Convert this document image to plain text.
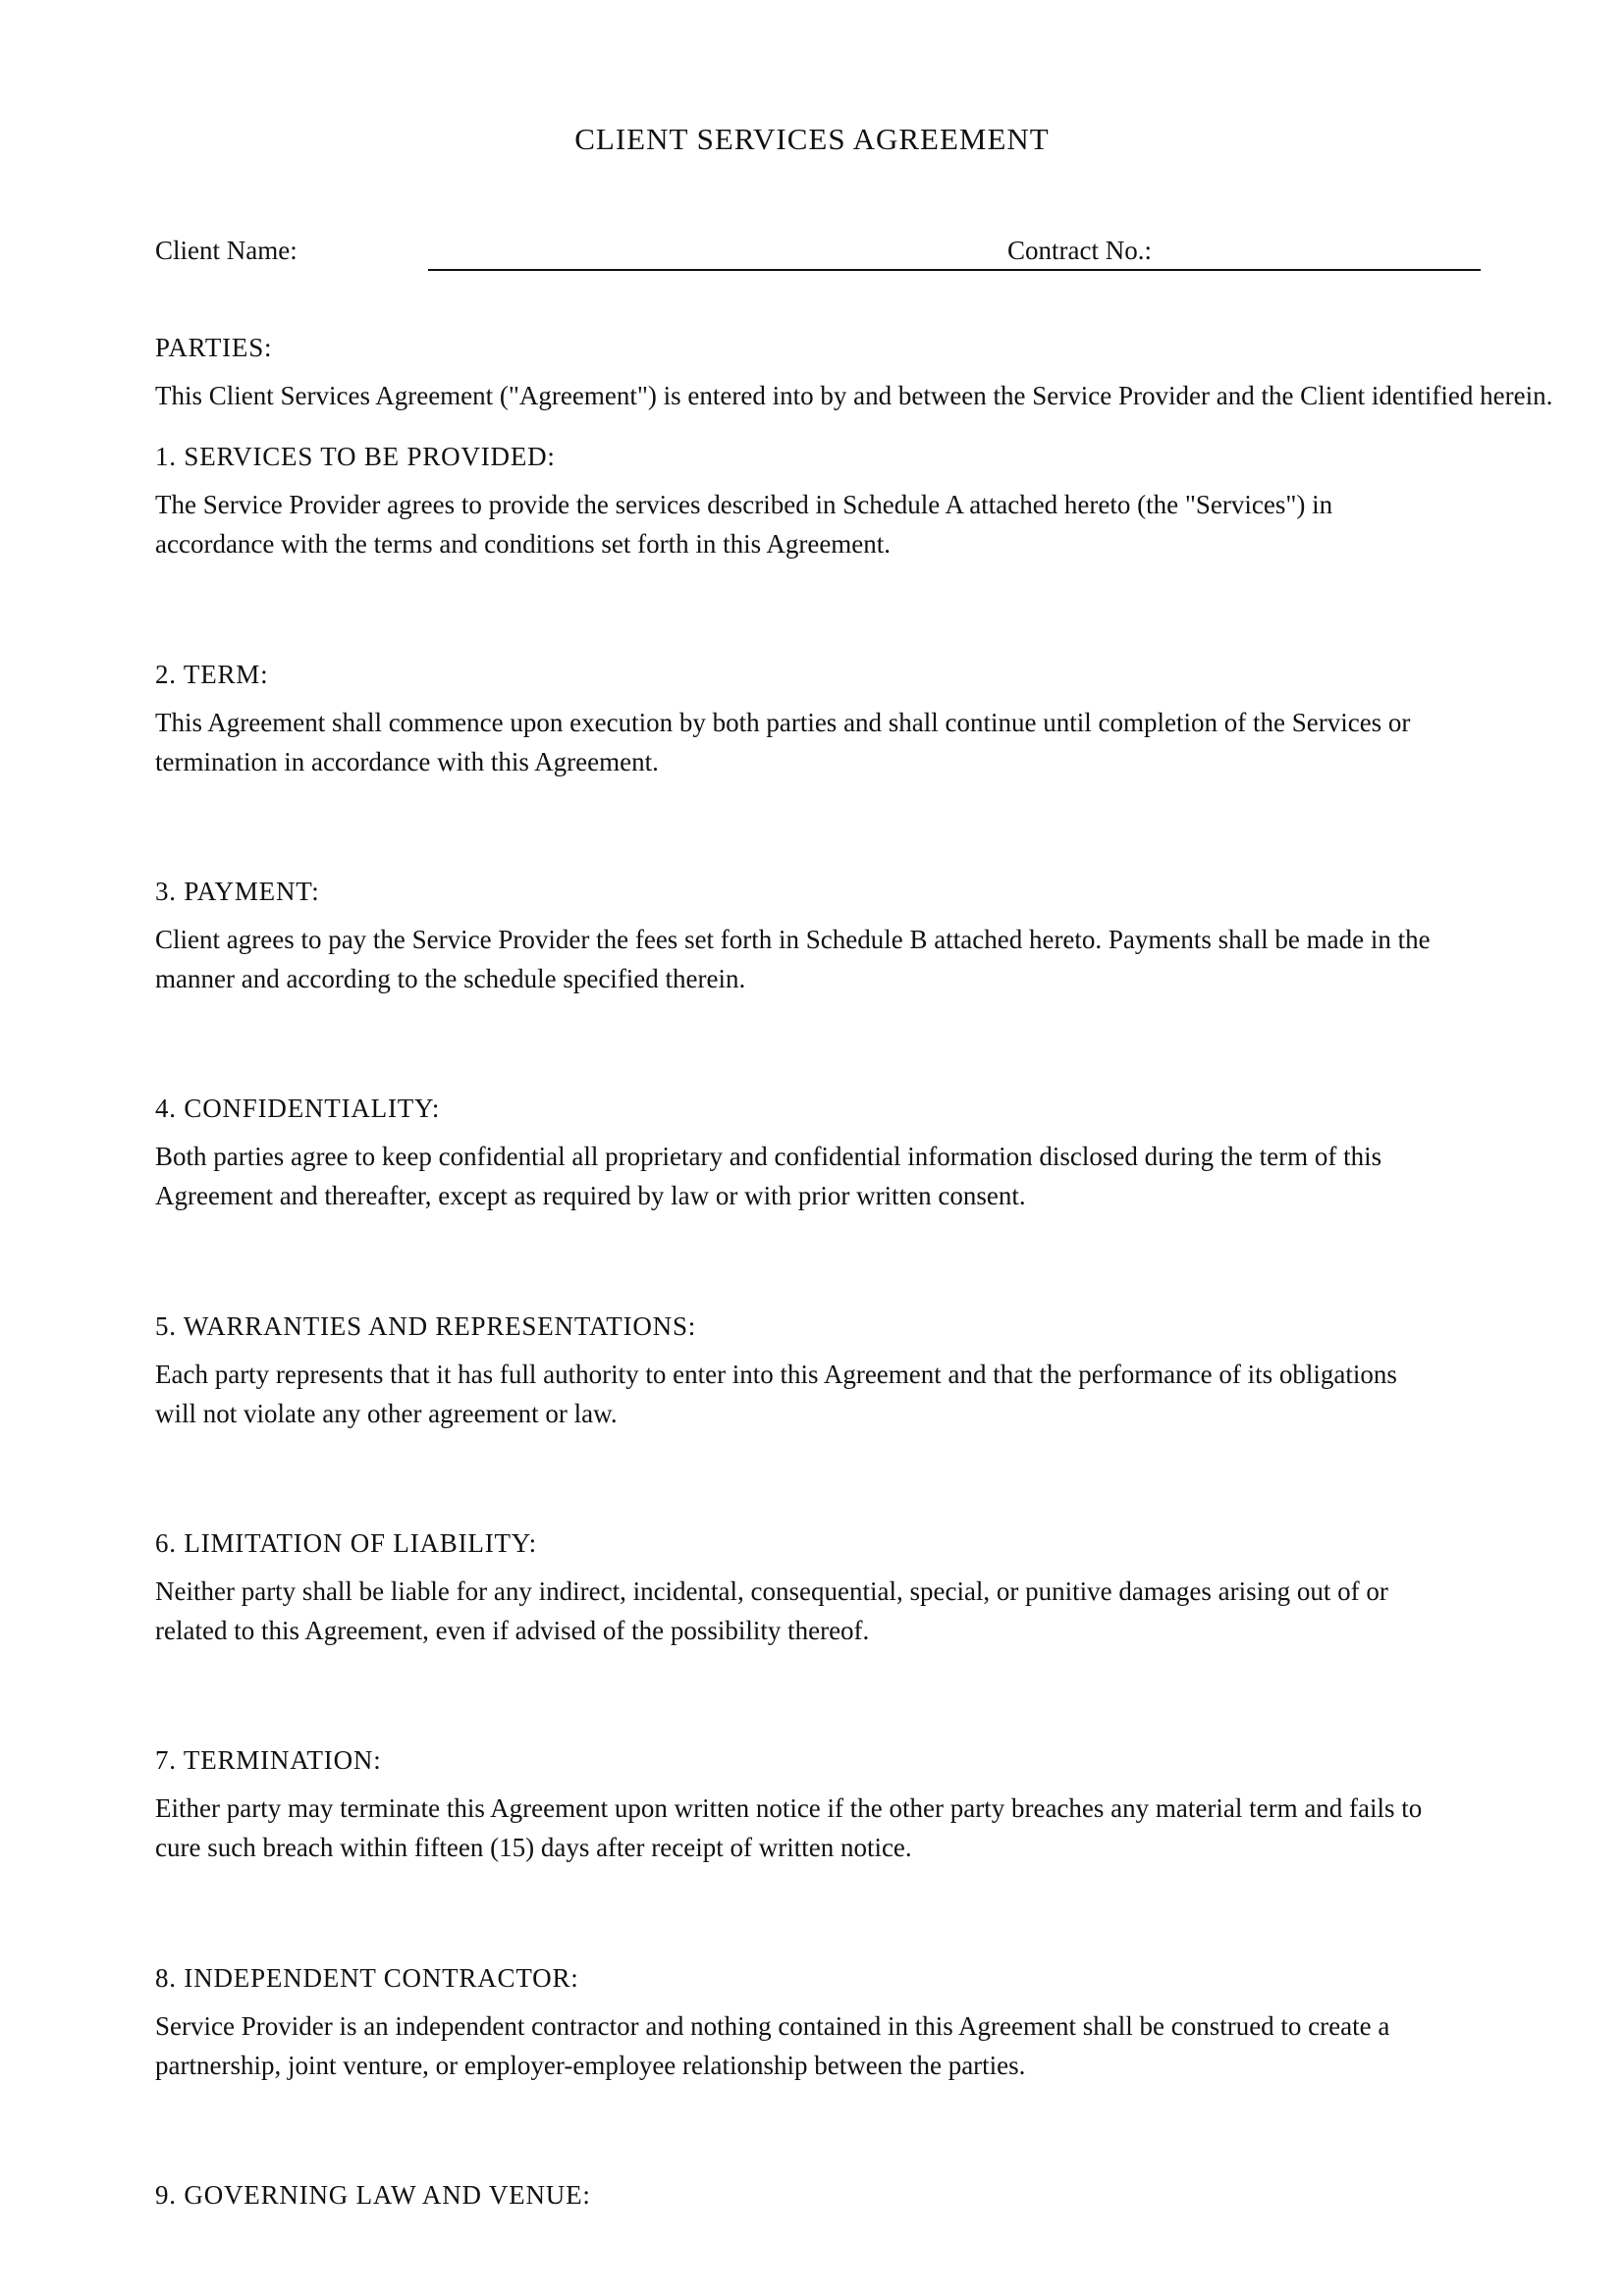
CLIENT SERVICES AGREEMENT
Client Name:	Contract No.:
PARTIES:

This Client Services Agreement ("Agreement") is entered into by and between the Service Provider and the Client identified herein.

1. SERVICES TO BE PROVIDED:

The Service Provider agrees to provide the services described in Schedule A attached hereto (the "Services") in
accordance with the terms and conditions set forth in this Agreement.

2. TERM:

This Agreement shall commence upon execution by both parties and shall continue until completion of the Services or
termination in accordance with this Agreement.

3. PAYMENT:

Client agrees to pay the Service Provider the fees set forth in Schedule B attached hereto. Payments shall be made in the
manner and according to the schedule specified therein.

4. CONFIDENTIALITY:

Both parties agree to keep confidential all proprietary and confidential information disclosed during the term of this
Agreement and thereafter, except as required by law or with prior written consent.

5. WARRANTIES AND REPRESENTATIONS:

Each party represents that it has full authority to enter into this Agreement and that the performance of its obligations
will not violate any other agreement or law.

6. LIMITATION OF LIABILITY:

Neither party shall be liable for any indirect, incidental, consequential, special, or punitive damages arising out of or
related to this Agreement, even if advised of the possibility thereof.

7. TERMINATION:

Either party may terminate this Agreement upon written notice if the other party breaches any material term and fails to
cure such breach within fifteen (15) days after receipt of written notice.

8. INDEPENDENT CONTRACTOR:

Service Provider is an independent contractor and nothing contained in this Agreement shall be construed to create a
partnership, joint venture, or employer-employee relationship between the parties.

9. GOVERNING LAW AND VENUE:
